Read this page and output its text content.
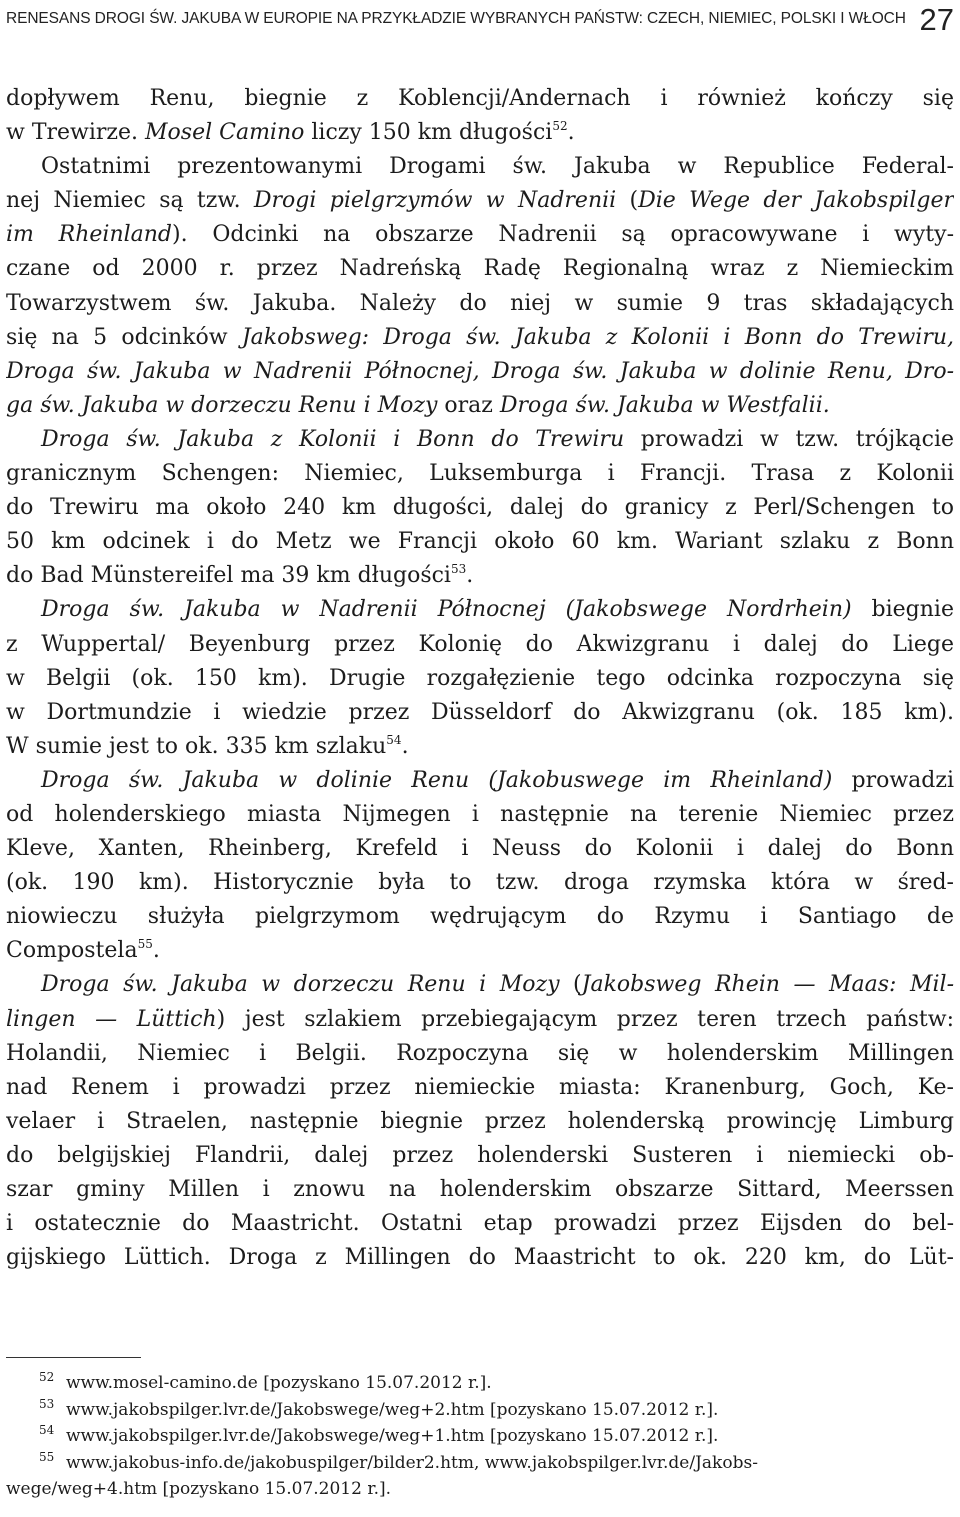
RENESANS DROGI ŚW. JAKUBA W EUROPIE NA PRZYKŁADZIE WYBRANYCH PAŃSTW: CZECH, NIEMIEC, POLSKI I WŁOCH 27
dopływem Renu, biegnie z Koblencji/Andernach i również kończy się
w Trewirze. Mosel Camino liczy 150 km długości$^{52}$.
Ostatnimi prezentowanymi Drogami św. Jakuba w Republice Federal-
nej Niemiec są tzw. Drogi pielgrzymów w Nadrenii (Die Wege der Jakobspilger
im Rheinland). Odcinki na obszarze Nadrenii są opracowywane i wyty-
czane od 2000 r. przez Nadreńską Radę Regionalną wraz z Niemieckim
Towarzystwem św. Jakuba. Należy do niej w sumie 9 tras składających
się na 5 odcinków Jakobsweg: Droga św. Jakuba z Kolonii i Bonn do Trewiru,
Droga św. Jakuba w Nadrenii Północnej, Droga św. Jakuba w dolinie Renu, Dro-
ga św. Jakuba w dorzeczu Renu i Mozy oraz Droga św. Jakuba w Westfalii.
Droga św. Jakuba z Kolonii i Bonn do Trewiru prowadzi w tzw. trójkącie
granicznym Schengen: Niemiec, Luksemburga i Francji. Trasa z Kolonii
do Trewiru ma około 240 km długości, dalej do granicy z Perl/Schengen to
50 km odcinek i do Metz we Francji około 60 km. Wariant szlaku z Bonn
do Bad Münstereifel ma 39 km długości$^{53}$.
Droga św. Jakuba w Nadrenii Północnej (Jakobswege Nordrhein) biegnie
z Wuppertal/ Beyenburg przez Kolonię do Akwizgranu i dalej do Liege
w Belgii (ok. 150 km). Drugie rozgałęzienie tego odcinka rozpoczyna się
w Dortmundzie i wiedzie przez Düsseldorf do Akwizgranu (ok. 185 km).
W sumie jest to ok. 335 km szlaku$^{54}$.
Droga św. Jakuba w dolinie Renu (Jakobuswege im Rheinland) prowadzi
od holenderskiego miasta Nijmegen i następnie na terenie Niemiec przez
Kleve, Xanten, Rheinberg, Krefeld i Neuss do Kolonii i dalej do Bonn
(ok. 190 km). Historycznie była to tzw. droga rzymska która w śred-
niowieczu służyła pielgrzymom wędrującym do Rzymu i Santiago de
Compostela$^{55}$.
Droga św. Jakuba w dorzeczu Renu i Mozy (Jakobsweg Rhein — Maas: Mil-
lingen — Lüttich) jest szlakiem przebiegającym przez teren trzech państw:
Holandii, Niemiec i Belgii. Rozpoczyna się w holenderskim Millingen
nad Renem i prowadzi przez niemieckie miasta: Kranenburg, Goch, Ke-
velaer i Straelen, następnie biegnie przez holenderską prowincję Limburg
do belgijskiej Flandrii, dalej przez holenderski Susteren i niemiecki ob-
szar gminy Millen i znowu na holenderskim obszarze Sittard, Meerssen
i ostatecznie do Maastricht. Ostatni etap prowadzi przez Eijsden do bel-
gijskiego Lüttich. Droga z Millingen do Maastricht to ok. 220 km, do Lüt-
52 www.mosel-camino.de [pozyskano 15.07.2012 r.].
53 www.jakobspilger.lvr.de/Jakobswege/weg+2.htm [pozyskano 15.07.2012 r.].
54 www.jakobspilger.lvr.de/Jakobswege/weg+1.htm [pozyskano 15.07.2012 r.].
55 www.jakobus-info.de/jakobuspilger/bilder2.htm, www.jakobspilger.lvr.de/Jakobs-
wege/weg+4.htm [pozyskano 15.07.2012 r.].
